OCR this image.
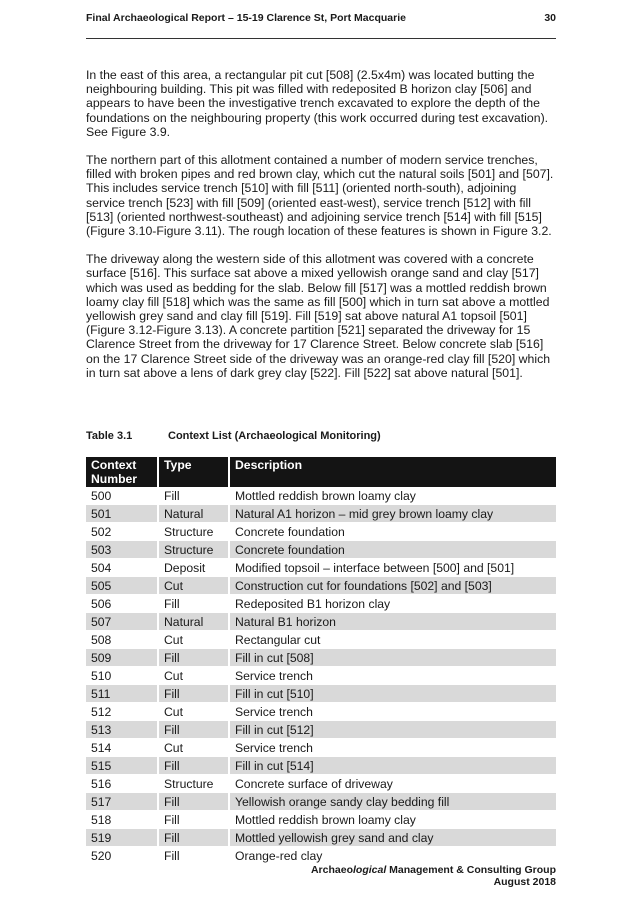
Final Archaeological Report – 15-19 Clarence St, Port Macquarie	30

In the east of this area, a rectangular pit cut [508] (2.5x4m) was located butting the neighbouring building. This pit was filled with redeposited B horizon clay [506] and appears to have been the investigative trench excavated to explore the depth of the foundations on the neighbouring property (this work occurred during test excavation). See Figure 3.9.

The northern part of this allotment contained a number of modern service trenches, filled with broken pipes and red brown clay, which cut the natural soils [501] and [507]. This includes service trench [510] with fill [511] (oriented north-south), adjoining service trench [523] with fill [509] (oriented east-west), service trench [512] with fill [513] (oriented northwest-southeast) and adjoining service trench [514] with fill [515] (Figure 3.10-Figure 3.11). The rough location of these features is shown in Figure 3.2.

The driveway along the western side of this allotment was covered with a concrete surface [516]. This surface sat above a mixed yellowish orange sand and clay [517] which was used as bedding for the slab. Below fill [517] was a mottled reddish brown loamy clay fill [518] which was the same as fill [500] which in turn sat above a mottled yellowish grey sand and clay fill [519]. Fill [519] sat above natural A1 topsoil [501] (Figure 3.12-Figure 3.13). A concrete partition [521] separated the driveway for 15 Clarence Street from the driveway for 17 Clarence Street. Below concrete slab [516] on the 17 Clarence Street side of the driveway was an orange-red clay fill [520] which in turn sat above a lens of dark grey clay [522]. Fill [522] sat above natural [501].

Table 3.1	Context List (Archaeological Monitoring)
Context Number	Type	Description
500	Fill	Mottled reddish brown loamy clay
501	Natural	Natural A1 horizon – mid grey brown loamy clay
502	Structure	Concrete foundation
503	Structure	Concrete foundation
504	Deposit	Modified topsoil – interface between [500] and [501]
505	Cut	Construction cut for foundations [502] and [503]
506	Fill	Redeposited B1 horizon clay
507	Natural	Natural B1 horizon
508	Cut	Rectangular cut
509	Fill	Fill in cut [508]
510	Cut	Service trench
511	Fill	Fill in cut [510]
512	Cut	Service trench
513	Fill	Fill in cut [512]
514	Cut	Service trench
515	Fill	Fill in cut [514]
516	Structure	Concrete surface of driveway
517	Fill	Yellowish orange sandy clay bedding fill
518	Fill	Mottled reddish brown loamy clay
519	Fill	Mottled yellowish grey sand and clay
520	Fill	Orange-red clay
Archaeological Management & Consulting Group
August 2018
